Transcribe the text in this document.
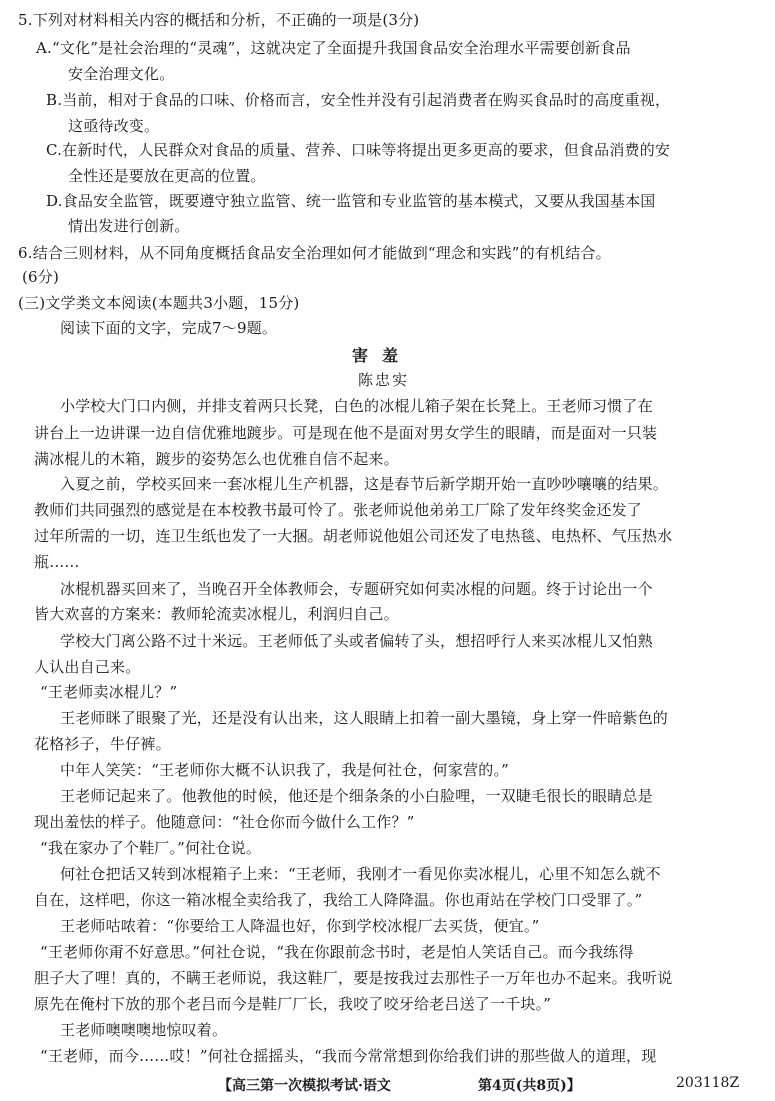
5.下列对材料相关内容的概括和分析，不正确的一项是(3分)
A.“文化”是社会治理的“灵魂”，这就决定了全面提升我国食品安全治理水平需要创新食品
安全治理文化。
B.当前，相对于食品的口味、价格而言，安全性并没有引起消费者在购买食品时的高度重视，
这亟待改变。
C.在新时代，人民群众对食品的质量、营养、口味等将提出更多更高的要求，但食品消费的安
全性还是要放在更高的位置。
D.食品安全监管，既要遵守独立监管、统一监管和专业监管的基本模式，又要从我国基本国
情出发进行创新。
6.结合三则材料，从不同角度概括食品安全治理如何才能做到“理念和实践”的有机结合。
(6分)
(三)文学类文本阅读(本题共3小题，15分)
阅读下面的文字，完成7～9题。
害羞
陈忠实
小学校大门口内侧，并排支着两只长凳，白色的冰棍儿箱子架在长凳上。王老师习惯了在
讲台上一边讲课一边自信优雅地踱步。可是现在他不是面对男女学生的眼睛，而是面对一只装
满冰棍儿的木箱，踱步的姿势怎么也优雅自信不起来。
入夏之前，学校买回来一套冰棍儿生产机器，这是春节后新学期开始一直吵吵嚷嚷的结果。
教师们共同强烈的感觉是在本校教书最可怜了。张老师说他弟弟工厂除了发年终奖金还发了
过年所需的一切，连卫生纸也发了一大捆。胡老师说他姐公司还发了电热毯、电热杯、气压热水
瓶……
冰棍机器买回来了，当晚召开全体教师会，专题研究如何卖冰棍的问题。终于讨论出一个
皆大欢喜的方案来：教师轮流卖冰棍儿，利润归自己。
学校大门离公路不过十米远。王老师低了头或者偏转了头，想招呼行人来买冰棍儿又怕熟
人认出自己来。
“王老师卖冰棍儿？”
王老师眯了眼聚了光，还是没有认出来，这人眼睛上扣着一副大墨镜，身上穿一件暗紫色的
花格衫子，牛仔裤。
中年人笑笑：“王老师你大概不认识我了，我是何社仓，何家营的。”
王老师记起来了。他教他的时候，他还是个细条条的小白脸哩，一双睫毛很长的眼睛总是
现出羞怯的样子。他随意问：“社仓你而今做什么工作？”
“我在家办了个鞋厂。”何社仓说。
何社仓把话又转到冰棍箱子上来：“王老师，我刚才一看见你卖冰棍儿，心里不知怎么就不
自在，这样吧，你这一箱冰棍全卖给我了，我给工人降降温。你也甭站在学校门口受罪了。”
王老师咕哝着：“你要给工人降温也好，你到学校冰棍厂去买货，便宜。”
“王老师你甭不好意思。”何社仓说，“我在你跟前念书时，老是怕人笑话自己。而今我练得
胆子大了哩！真的，不瞒王老师说，我这鞋厂，要是按我过去那性子一万年也办不起来。我听说
原先在俺村下放的那个老吕而今是鞋厂厂长，我咬了咬牙给老吕送了一千块。”
王老师噢噢噢地惊叹着。
“王老师，而今……哎！”何社仓摇摇头，“我而今常常想到你给我们讲的那些做人的道理，现
【高三第一次模拟考试·语文	第4页(共8页)】	203118Z
